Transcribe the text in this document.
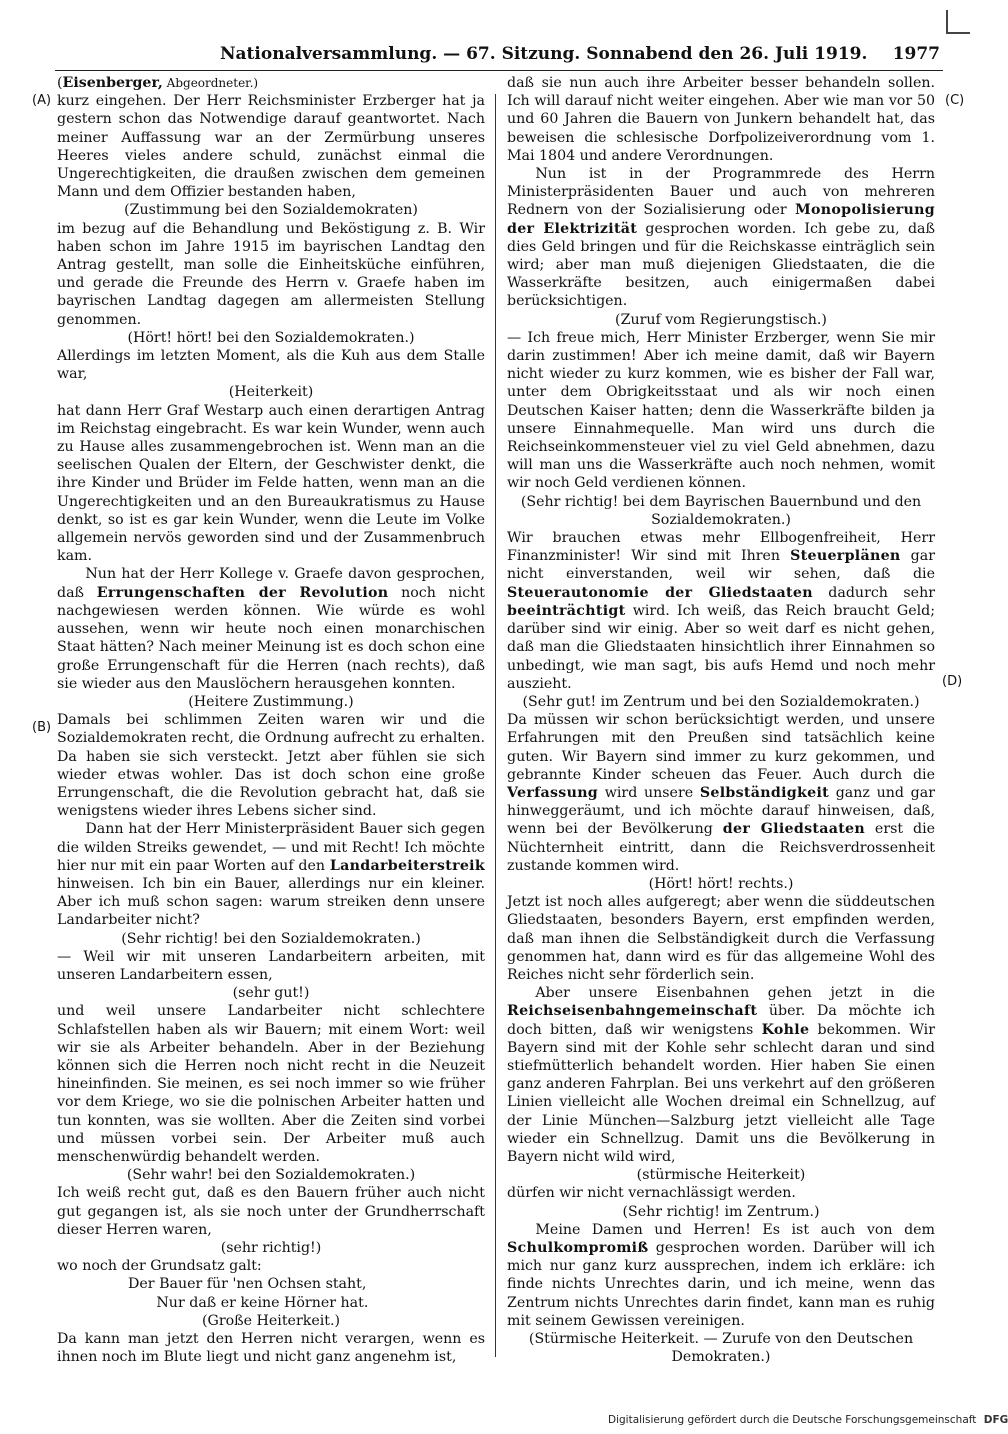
Nationalversammlung. — 67. Sitzung. Sonnabend den 26. Juli 1919. 1977
(A)
(B)
(C)
(D)

(Eisenberger, Abgeordneter.)

kurz eingehen. Der Herr Reichsminister Erzberger hat ja gestern schon das Notwendige darauf geantwortet. Nach meiner Auffassung war an der Zermürbung unseres Heeres vieles andere schuld, zunächst einmal die Ungerechtigkeiten, die draußen zwischen dem gemeinen Mann und dem Offizier bestanden haben,

(Zustimmung bei den Sozialdemokraten)

im bezug auf die Behandlung und Beköstigung z. B. Wir haben schon im Jahre 1915 im bayrischen Landtag den Antrag gestellt, man solle die Einheitsküche einführen, und gerade die Freunde des Herrn v. Graefe haben im bayrischen Landtag dagegen am allermeisten Stellung genommen.

(Hört! hört! bei den Sozialdemokraten.)

Allerdings im letzten Moment, als die Kuh aus dem Stalle war,

(Heiterkeit)

hat dann Herr Graf Westarp auch einen derartigen Antrag im Reichstag eingebracht. Es war kein Wunder, wenn auch zu Hause alles zusammengebrochen ist. Wenn man an die seelischen Qualen der Eltern, der Geschwister denkt, die ihre Kinder und Brüder im Felde hatten, wenn man an die Ungerechtigkeiten und an den Bureaukratismus zu Hause denkt, so ist es gar kein Wunder, wenn die Leute im Volke allgemein nervös geworden sind und der Zusammenbruch kam.

Nun hat der Herr Kollege v. Graefe davon gesprochen, daß Errungenschaften der Revolution noch nicht nachgewiesen werden können. Wie würde es wohl aussehen, wenn wir heute noch einen monarchischen Staat hätten? Nach meiner Meinung ist es doch schon eine große Errungenschaft für die Herren (nach rechts), daß sie wieder aus den Mauslöchern herausgehen konnten.

(Heitere Zustimmung.)

Damals bei schlimmen Zeiten waren wir und die Sozialdemokraten recht, die Ordnung aufrecht zu erhalten. Da haben sie sich versteckt. Jetzt aber fühlen sie sich wieder etwas wohler. Das ist doch schon eine große Errungenschaft, die die Revolution gebracht hat, daß sie wenigstens wieder ihres Lebens sicher sind.

Dann hat der Herr Ministerpräsident Bauer sich gegen die wilden Streiks gewendet, — und mit Recht! Ich möchte hier nur mit ein paar Worten auf den Landarbeiterstreik hinweisen. Ich bin ein Bauer, allerdings nur ein kleiner. Aber ich muß schon sagen: warum streiken denn unsere Landarbeiter nicht?

(Sehr richtig! bei den Sozialdemokraten.)

— Weil wir mit unseren Landarbeitern arbeiten, mit unseren Landarbeitern essen,

(sehr gut!)

und weil unsere Landarbeiter nicht schlechtere Schlafstellen haben als wir Bauern; mit einem Wort: weil wir sie als Arbeiter behandeln. Aber in der Beziehung können sich die Herren noch nicht recht in die Neuzeit hineinfinden. Sie meinen, es sei noch immer so wie früher vor dem Kriege, wo sie die polnischen Arbeiter hatten und tun konnten, was sie wollten. Aber die Zeiten sind vorbei und müssen vorbei sein. Der Arbeiter muß auch menschenwürdig behandelt werden.

(Sehr wahr! bei den Sozialdemokraten.)

Ich weiß recht gut, daß es den Bauern früher auch nicht gut gegangen ist, als sie noch unter der Grundherrschaft dieser Herren waren,

(sehr richtig!)

wo noch der Grundsatz galt:

Der Bauer für 'nen Ochsen staht,

Nur daß er keine Hörner hat.

(Große Heiterkeit.)

Da kann man jetzt den Herren nicht verargen, wenn es ihnen noch im Blute liegt und nicht ganz angenehm ist,

daß sie nun auch ihre Arbeiter besser behandeln sollen. Ich will darauf nicht weiter eingehen. Aber wie man vor 50 und 60 Jahren die Bauern von Junkern behandelt hat, das beweisen die schlesische Dorfpolizeiverordnung vom 1. Mai 1804 und andere Verordnungen.

Nun ist in der Programmrede des Herrn Ministerpräsidenten Bauer und auch von mehreren Rednern von der Sozialisierung oder Monopolisierung der Elektrizität gesprochen worden. Ich gebe zu, daß dies Geld bringen und für die Reichskasse einträglich sein wird; aber man muß diejenigen Gliedstaaten, die die Wasserkräfte besitzen, auch einigermaßen dabei berücksichtigen.

(Zuruf vom Regierungstisch.)

— Ich freue mich, Herr Minister Erzberger, wenn Sie mir darin zustimmen! Aber ich meine damit, daß wir Bayern nicht wieder zu kurz kommen, wie es bisher der Fall war, unter dem Obrigkeitsstaat und als wir noch einen Deutschen Kaiser hatten; denn die Wasserkräfte bilden ja unsere Einnahmequelle. Man wird uns durch die Reichseinkommensteuer viel zu viel Geld abnehmen, dazu will man uns die Wasserkräfte auch noch nehmen, womit wir noch Geld verdienen können.

(Sehr richtig! bei dem Bayrischen Bauernbund und den Sozialdemokraten.)

Wir brauchen etwas mehr Ellbogenfreiheit, Herr Finanzminister! Wir sind mit Ihren Steuerplänen gar nicht einverstanden, weil wir sehen, daß die Steuerautonomie der Gliedstaaten dadurch sehr beeinträchtigt wird. Ich weiß, das Reich braucht Geld; darüber sind wir einig. Aber so weit darf es nicht gehen, daß man die Gliedstaaten hinsichtlich ihrer Einnahmen so unbedingt, wie man sagt, bis aufs Hemd und noch mehr auszieht.

(Sehr gut! im Zentrum und bei den Sozialdemokraten.)

Da müssen wir schon berücksichtigt werden, und unsere Erfahrungen mit den Preußen sind tatsächlich keine guten. Wir Bayern sind immer zu kurz gekommen, und gebrannte Kinder scheuen das Feuer. Auch durch die Verfassung wird unsere Selbständigkeit ganz und gar hinweggeräumt, und ich möchte darauf hinweisen, daß, wenn bei der Bevölkerung der Gliedstaaten erst die Nüchternheit eintritt, dann die Reichsverdrossenheit zustande kommen wird.

(Hört! hört! rechts.)

Jetzt ist noch alles aufgeregt; aber wenn die süddeutschen Gliedstaaten, besonders Bayern, erst empfinden werden, daß man ihnen die Selbständigkeit durch die Verfassung genommen hat, dann wird es für das allgemeine Wohl des Reiches nicht sehr förderlich sein.

Aber unsere Eisenbahnen gehen jetzt in die Reichseisenbahngemeinschaft über. Da möchte ich doch bitten, daß wir wenigstens Kohle bekommen. Wir Bayern sind mit der Kohle sehr schlecht daran und sind stiefmütterlich behandelt worden. Hier haben Sie einen ganz anderen Fahrplan. Bei uns verkehrt auf den größeren Linien vielleicht alle Wochen dreimal ein Schnellzug, auf der Linie München—Salzburg jetzt vielleicht alle Tage wieder ein Schnellzug. Damit uns die Bevölkerung in Bayern nicht wild wird,

(stürmische Heiterkeit)

dürfen wir nicht vernachlässigt werden.

(Sehr richtig! im Zentrum.)

Meine Damen und Herren! Es ist auch von dem Schulkompromiß gesprochen worden. Darüber will ich mich nur ganz kurz aussprechen, indem ich erkläre: ich finde nichts Unrechtes darin, und ich meine, wenn das Zentrum nichts Unrechtes darin findet, kann man es ruhig mit seinem Gewissen vereinigen.

(Stürmische Heiterkeit. — Zurufe von den Deutschen Demokraten.)

Digitalisierung gefördert durch die Deutsche Forschungsgemeinschaft DFG
